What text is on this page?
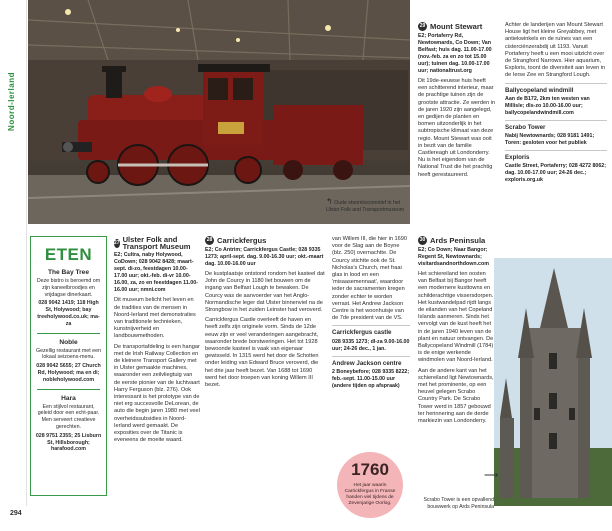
Noord-Ierland
↰ Oude stoomlocomotief in het Ulster Folk and Transportmuseum
ETEN
The Bay Tree
Deze bistro is beroemd om zijn kaneelbroodjes en vrijdagse dinerkaart.
028 9042 1419; 118 High St, Holywood; bay treeholywood.co.uk; ma-za
Noble
Gezellig restaurant met een lokaal seizoens-menu.
028 9042 5655; 27 Church Rd, Holywood; ma en di; nobleholywood.com
Hara
Een stijlvol restaurant, geleid door een echt-paar. Men serveert creatieve gerechten.
028 9751 2355; 25 Lisburn St, Hillsborough; harafood.com
27 Ulster Folk and Transport Museum
E2; Cultra, naby Holywood, CoDown; 028 9042 8428; maart-sept. di-zo, feestdagen 10.00-17.00 uur; okt.-feb. di-vr 10.00-16.00, za, zo en feestdagen 11.00-16.00 uur; nmni.com

Dit museum belicht het leven en de tradities van de mensen in Noord-Ierland met demonstraties van traditionele technieken, kunstnijverheid en landbouwmethoden.

De transportafdeling is een hangar met de Irish Railway Collection en de kleinere Transport Gallery met in Ulster gemaakte machines, waaronder een zeilvliegtuig van de eerste pionier van de luchtvaart Harry Ferguson (blz. 276). Ook interessant is het prototype van de niet erg succesvolle DeLorean, de auto die begin jaren 1980 met veel overheidssubsidies in Noord-Ierland werd gemaakt. De exposities over de Titanic is eveneens de moeite waard.

28 Carrickfergus
E2; Co Antrim; Carrickfergus Castle; 028 9335 1273; april-sept. dag. 9.00-16.30 uur; okt.-maart dag. 10.00-16.00 uur

De kustplaatsje ontstond rondom het kasteel dat John de Courcy in 1180 liet bouwen om de ingang van Belfast Lough te bewaken. De Courcy was de aanvoerder van het Anglo-Normandische leger dat Ulster binnenviel na de Strongbow in het zuiden Leinster had veroverd.

Carrickfergus Castle overleeft de haven en heeft zelfs zijn originele vorm. Sinds de 12de eeuw zijn er veel veranderingen aangebracht, waaronder brede borstweringen. Het tot 1928 bewoonde kasteel is vaak van eigenaar gewisseld. In 1315 werd het door de Schotten onder leiding van Edward Bruce veroverd, die het drie jaar heeft bezet. Van 1688 tot 1690 werd het door troepen van koning Willem III bezet.

van Willem III, die hier in 1690 voor de Slag aan de Boyne (blz. 250) overnachtte. De Courcy stichtte ook de St. Nicholas's Church, met fraai glas in lood en een 'misaasemennaat', waardoor ieder de sacramenten kregen zonder echter te worden verrast. Het Andrew Jackson Centre is het woonhuisje van de 7de president van de VS.

Carrickfergus castle
028 9335 1273; dl-za 9.00-16.00 uur; 24-26 dec., 1 jan.
Andrew Jackson centre
2 Boneybefore; 028 9335 8222; feb.-sept. 11.00-15.00 uur (andere tijden op afspraak)
1760
Het jaar waarin Carrickfergus in Franse handen viel tijdens de Zevenjarige Oorlog.
29 Mount Stewart
E2; Portaferry Rd, Newtownards, Co Down; Van Belfast; huis dag. 11.00-17.00 (nov.-feb. za en zo tot 15.00 uur); tuinen dag. 10.00-17.00 uur; nationaltrust.org

Dit 19de-eeuwse huis heeft een schitterend interieur, maar de prachtige tuinen zijn de grootste attractie. Ze werden in de jaren 1920 zijn aangelegd, en gedijen de planten en bomen uitzonderlijk in het subtropische klimaat van deze regio. Mount Stewart was ooit in bezit van de familie Castlereagh uit Londonderry. Nu is het eigendom van de National Trust die het prachtig heeft gerestaureerd.

30 Ards Peninsula
E2; Co Down; Naar Bangor; Regent St, Newtownards; visitardsandnorthdown.com

Het schiereiland ten oosten van Belfast bij Bangor heeft een modernere kusttowns en schilderachtige vissersdorpen. Het kustwandelpad rijdt langs de eilanden van het Copeland Islands aanmeren. Sinds het vervolgt van de kust heeft het in de jaren 1940 leven van de plant en natuur ontvangen. De Ballycopeland Windmill (1784) is de enige werkende windmolen van Noord-Ierland.

Aan de andere kant van het schiereiland ligt Newtownards, met het prominente, op een heuvel gelegen Scrabo Country Park. De Scrabo Tower werd in 1857 gebouwd ter herinnering aan de derde markiezin van Londonderry.

Achter de landerijen van Mount Stewart House ligt het kleine Greyabbey, met antiekwinkels en de ruïnes van een cisterciënzerabdij uit 1193. Vanuit Portaferry heeft u een mooi uitzicht over de Strangford Narrows. Hier aquarium, Exploris, toont de diversiteit aan leven in de Ierse Zee en Strangford Lough.

Ballycopeland windmill
Aan de B172, 2km ten westen van Millisle; dls-zo 10.00-16.00 uur; ballycopelandwindmill.com
Scrabo Tower
Nabij Newtownards; 028 9181 1491; Toren: gesloten voor het publiek
Exploris
Castle Street, Portaferry; 028 4272 8062; dag. 10.00-17.00 uur; 24-26 dec.; exploris.org.uk
Scrabo Tower is een opvallend bouwwerk op Ards Peninsula
⟶
294
